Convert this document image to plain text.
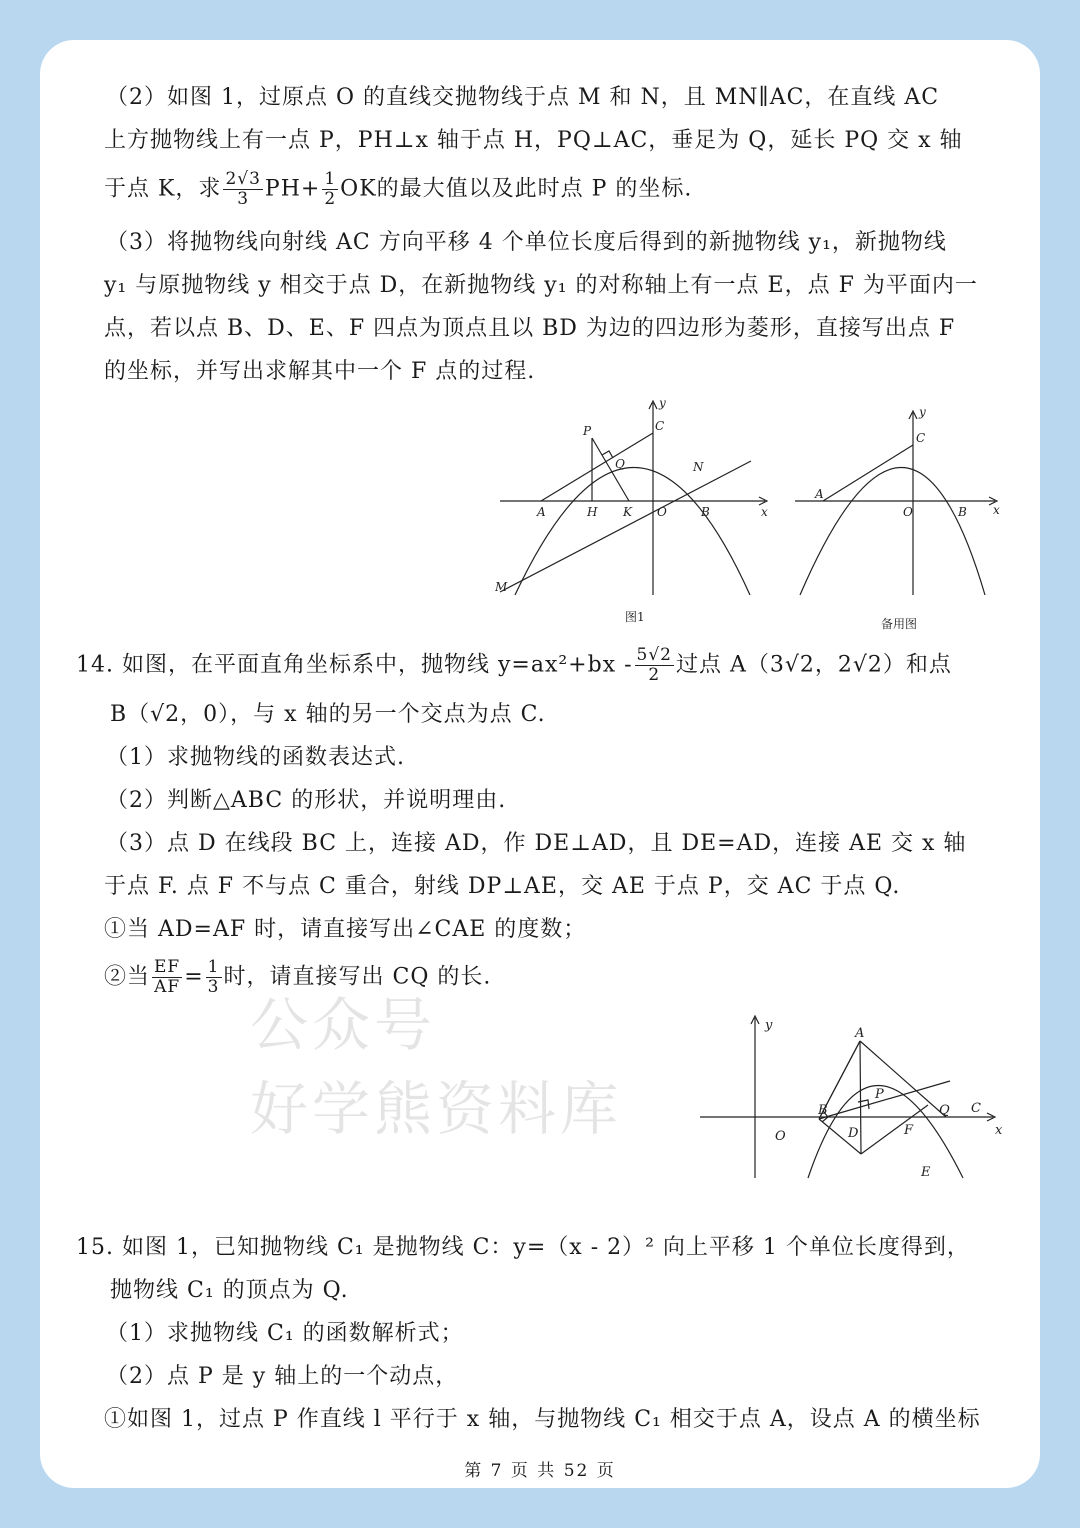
（2）如图 1，过原点 O 的直线交抛物线于点 M 和 N，且 MN∥AC，在直线 AC
上方抛物线上有一点 P，PH⊥x 轴于点 H，PQ⊥AC，垂足为 Q，延长 PQ 交 x 轴
于点 K，求 $\frac{2√3}{3} PH+ \frac{1}{2}$ OK的最大值以及此时点 P 的坐标.
（3）将抛物线向射线 AC 方向平移 4 个单位长度后得到的新抛物线 y₁，新抛物线
y₁ 与原抛物线 y 相交于点 D，在新抛物线 y₁ 的对称轴上有一点 E，点 F 为平面内一
点，若以点 B、D、E、F 四点为顶点且以 BD 为边的四边形为菱形，直接写出点 F
的坐标，并写出求解其中一个 F 点的过程.
P	C
Q	N
A	H K O	B	x
y
M
图1
A
C
O	B x
y
备用图
14. 如图，在平面直角坐标系中，抛物线 $y=ax^2+bx - \frac{5√2}{2}$ 过点 A（3√2，2√2）和点
B（√2，0），与 x 轴的另一个交点为点 C.
（1）求抛物线的函数表达式.
（2）判断△ABC 的形状，并说明理由.
（3）点 D 在线段 BC 上，连接 AD，作 DE⊥AD，且 DE=AD，连接 AE 交 x 轴
于点 F. 点 F 不与点 C 重合，射线 DP⊥AE，交 AE 于点 P，交 AC 于点 Q.
①当 AD=AF 时，请直接写出∠CAE 的度数；
②当 $\frac{EF}{AF} = \frac{1}{3}$ 时，请直接写出 CQ 的长.
公众号
好学熊资料库
y
A
P
B	Q C
O	D	F	x
E
15. 如图 1，已知抛物线 C₁ 是抛物线 C：y=（x - 2）² 向上平移 1 个单位长度得到，
抛物线 C₁ 的顶点为 Q.
（1）求抛物线 C₁ 的函数解析式；
（2）点 P 是 y 轴上的一个动点，
①如图 1，过点 P 作直线 l 平行于 x 轴，与抛物线 C₁ 相交于点 A，设点 A 的横坐标
第 7 页 共 52 页
